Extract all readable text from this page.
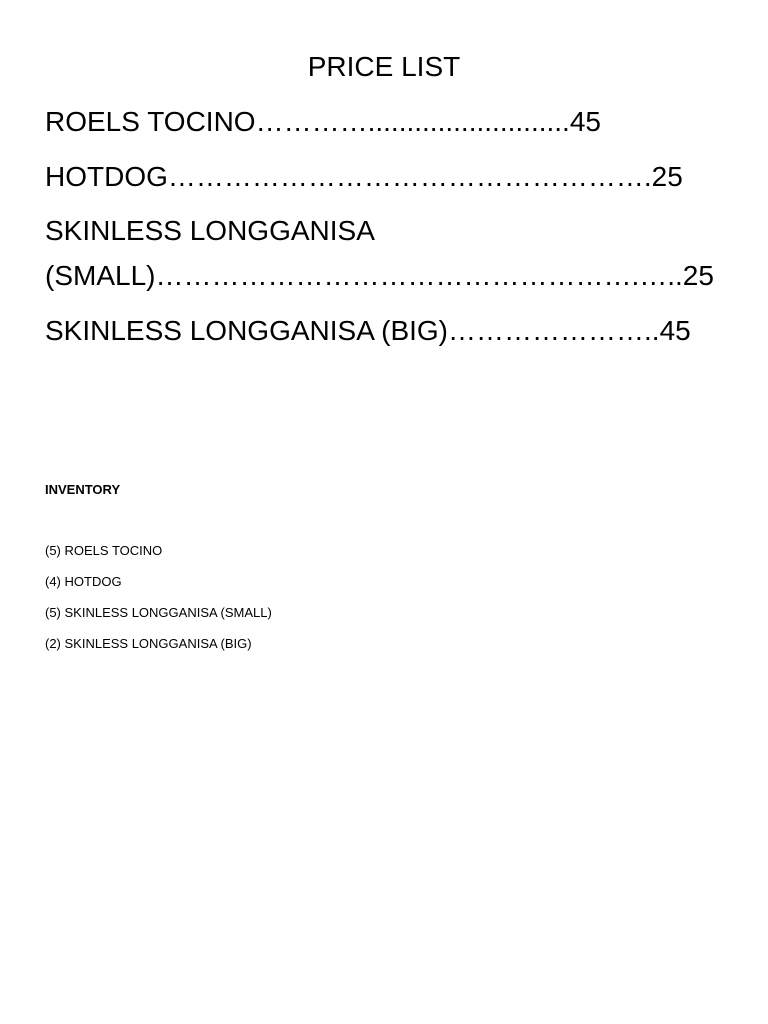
PRICE LIST
ROELS TOCINO…………..........................45
HOTDOG…………………………………………….25
SKINLESS LONGGANISA
(SMALL)…………………………………………….…..25
SKINLESS LONGGANISA (BIG)…………………..45
INVENTORY
(5) ROELS TOCINO
(4) HOTDOG
(5) SKINLESS LONGGANISA (SMALL)
(2) SKINLESS LONGGANISA (BIG)
